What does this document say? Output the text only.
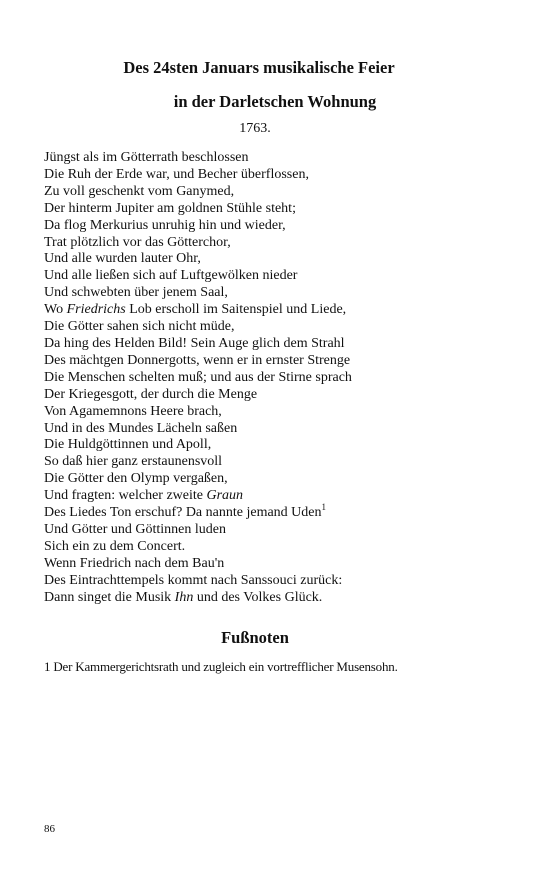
Des 24sten Januars musikalische Feier
in der Darletschen Wohnung
1763.
Jüngst als im Götterrath beschlossen
Die Ruh der Erde war, und Becher überflossen,
Zu voll geschenkt vom Ganymed,
Der hinterm Jupiter am goldnen Stühle steht;
Da flog Merkurius unruhig hin und wieder,
Trat plötzlich vor das Götterchor,
Und alle wurden lauter Ohr,
Und alle ließen sich auf Luftgewölken nieder
Und schwebten über jenem Saal,
Wo Friedrichs Lob erscholl im Saitenspiel und Liede,
Die Götter sahen sich nicht müde,
Da hing des Helden Bild! Sein Auge glich dem Strahl
Des mächtgen Donnergotts, wenn er in ernster Strenge
Die Menschen schelten muß; und aus der Stirne sprach
Der Kriegesgott, der durch die Menge
Von Agamemnons Heere brach,
Und in des Mundes Lächeln saßen
Die Huldgöttinnen und Apoll,
So daß hier ganz erstaunensvoll
Die Götter den Olymp vergaßen,
Und fragten: welcher zweite Graun
Des Liedes Ton erschuf? Da nannte jemand Uden$^1$
Und Götter und Göttinnen luden
Sich ein zu dem Concert.
Wenn Friedrich nach dem Bau'n
Des Eintrachttempels kommt nach Sanssouci zurück:
Dann singet die Musik Ihn und des Volkes Glück.
Fußnoten
1 Der Kammergerichtsrath und zugleich ein vortrefflicher Musensohn.
86
